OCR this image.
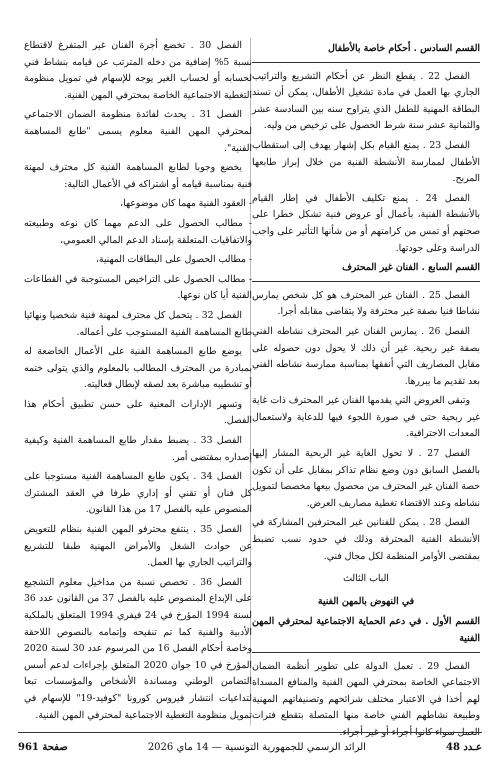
القسم السادس . أحكام خاصة بالأطفال

الفصل 22 . يقطع النظر عن أحكام التشريع والتراتيب الجاري بها العمل في مادة تشغيل الأطفال، يمكن أن تسند البطاقة المهنية للطفل الذي يتراوح سنه بين السادسة عشر والثمانية عشر سنة شرط الحصول على ترخيص من وليه.

الفصل 23 . يمنع القيام بكل إشهار يهدف إلى استقطاب الأطفال لممارسة الأنشطة الفنية من خلال إبراز طابعها المربح.

الفصل 24 . يمنع تكليف الأطفال في إطار القيام بالأنشطة الفنية، بأعمال أو عروض فنية تشكل خطرا على صحتهم أو تمس من كرامتهم أو من شأنها التأثير على واجب الدراسة وعلى جودتها.

القسم السابع . الفنان غير المحترف

الفصل 25 . الفنان غير المحترف هو كل شخص يمارس نشاطا فنيا بصفة غير محترفة ولا يتقاضى مقابله أجرا.

الفصل 26 . يمارس الفنان غير المحترف نشاطه الفني بصفة غير ربحية. غير أن ذلك لا يحول دون حصوله على مقابل المصاريف التي أنفقها بمناسبة ممارسة نشاطه الفني بعد تقديم ما يبررها.

وتبقى العروض التي يقدمها الفنان غير المحترف ذات غاية غير ربحية حتى في صورة اللجوء فيها للدعاية ولاستعمال المعدات الاحترافية.

الفصل 27 . لا تحول الغاية غير الربحية المشار إليها بالفصل السابق دون وضع نظام تذاكر بمقابل على أن تكون حصة الفنان غير المحترف من محصول بيعها مخصصا لتمويل نشاطه وعند الاقتضاء تغطية مصاريف العرض.

الفصل 28 . يمكن للفنانين غير المحترفين المشاركة في الأنشطة الفنية المحترفة وذلك في حدود نسب تضبط بمقتضى الأوامر المنظمة لكل مجال فني.

الباب الثالث
في النهوض بالمهن الفنية
القسم الأول . في دعم الحماية الاجتماعية لمحترفي المهن الفنية

الفصل 29 . تعمل الدولة على تطوير أنظمة الضمان الاجتماعي الخاصة بمحترفي المهن الفنية والمنافع المسداة لهم أخذا في الاعتبار مختلف شرائحهم وتصنيفاتهم المهنية وطبيعة نشاطهم الفني خاصة منها المتصلة بتقطع فترات

الفصل 30 . تخضع أجرة الفنان غير المتفرغ لاقتطاع نسبة 5% إضافية من دخله المترتب عن قيامه بنشاط فني لحسابه أو لحساب الغير يوجه للإسهام في تمويل منظومة التغطية الاجتماعية الخاصة بمحترفي المهن الفنية.

الفصل 31 . يحدث لفائدة منظومة الضمان الاجتماعي لمحترفي المهن الفنية معلوم يسمى "طابع المساهمة الفنية".

يخضع وجوبا لطابع المساهمة الفنية كل محترف لمهنة فنية بمناسبة قيامه أو اشتراكه في الأعمال التالية:

- العقود الفنية مهما كان موضوعها،

- مطالب الحصول على الدعم مهما كان نوعه وطبيعته والاتفاقيات المتعلقة بإسناد الدعم المالي العمومي،

- مطالب الحصول على البطاقات المهنية،

- مطالب الحصول على التراخيص المستوجبة في القطاعات الفنية أيا كان نوعها.

الفصل 32 . يتحمل كل محترف لمهنة فنية شخصيا ونهائيا طابع المساهمة الفنية المستوجب على أعماله.

يوضع طابع المساهمة الفنية على الأعمال الخاضعة له بمبادرة من المحترف المطالب بالمعلوم والذي يتولى ختمه أو تشطيبه مباشرة بعد لصقه لإبطال فعاليته.

وتسهر الإدارات المعنية على حسن تطبيق أحكام هذا الفصل.

الفصل 33 . يضبط مقدار طابع المساهمة الفنية وكيفية إصداره بمقتضى أمر.

الفصل 34 . يكون طابع المساهمة الفنية مستوجبا على كل فنان أو تقني أو إداري طرفا في العقد المشترك المنصوص عليه بالفصل 17 من هذا القانون.

الفصل 35 . ينتفع محترفو المهن الفنية بنظام للتعويض عن حوادث الشغل والأمراض المهنية طبقا للتشريع والتراتيب الجاري بها العمل.

الفصل 36 . تخصص نسبة من مداخيل معلوم التشجيع على الإبداع المنصوص عليه بالفصل 37 من القانون عدد 36 لسنة 1994 المؤرخ في 24 فيفري 1994 المتعلق بالملكية الأدبية والفنية كما تم تنقيحه وإتمامه بالنصوص اللاحقة وخاصة أحكام الفصل 16 من المرسوم عدد 30 لسنة 2020 المؤرخ في 10 جوان 2020 المتعلق بإجراءات لدعم أسس التضامن الوطني ومساندة الأشخاص والمؤسسات تبعا لتداعيات انتشار فيروس كورونا "كوفيد-19" للإسهام في تمويل منظومة التغطية الاجتماعية لمحترفي المهن الفنية.

عـدد 48
الرائد الرسمي للجمهورية التونسية — 14 ماي 2026
صفحة 961
